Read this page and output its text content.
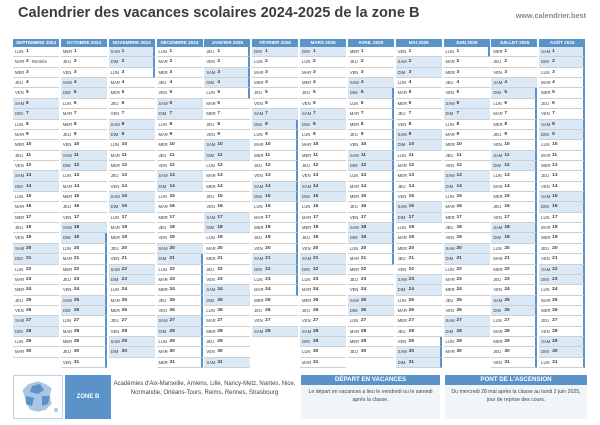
Calendrier des vacances scolaires 2024-2025 de la zone B	www.calendrier.best
SEPTEMBRE 2024
LUN 1
MAR 2 Rentrée
MER 3
JEU 4
VEN 5
SAM 6
DIM 7
LUN 8
MAR 9
MER 10
JEU 11
VEN 12
SAM 13
DIM 14
LUN 15
MAR 16
MER 17
JEU 18
VEN 19
SAM 20
DIM 21
LUN 22
MAR 23
MER 24
JEU 25
VEN 26
SAM 27
DIM 28
LUN 29
MAR 30
OCTOBRE 2024
MER 1
JEU 2
VEN 3
SAM 4
DIM 5
LUN 6
MAR 7
MER 8
JEU 9
VEN 10
SAM 11
DIM 12
LUN 13
MAR 14
MER 15
JEU 16
VEN 17
SAM 18
DIM 19
LUN 20
MAR 21
MER 22
JEU 23
VEN 24
SAM 25
DIM 26
LUN 27
MAR 28
MER 29
JEU 30
VEN 31
NOVEMBRE 2024
SAM 1
DIM 2
LUN 3
MAR 4
MER 5
JEU 6
VEN 7
SAM 8
DIM 9
LUN 10
MAR 11
MER 12
JEU 13
VEN 14
SAM 15
DIM 16
LUN 17
MAR 18
MER 19
JEU 20
VEN 21
SAM 22
DIM 23
LUN 24
MAR 25
MER 26
JEU 27
VEN 28
SAM 29
DIM 30
DÉCEMBRE 2024
LUN 1
MAR 2
MER 3
JEU 4
VEN 5
SAM 6
DIM 7
LUN 8
MAR 9
MER 10
JEU 11
VEN 12
SAM 13
DIM 14
LUN 15
MAR 16
MER 17
JEU 18
VEN 19
SAM 20
DIM 21
LUN 22
MAR 23
MER 24
JEU 25
VEN 26
SAM 27
DIM 28
LUN 29
MAR 30
MER 31
JANVIER 2025
JEU 1
VEN 2
SAM 3
DIM 4
LUN 5
MAR 6
MER 7
JEU 8
VEN 9
SAM 10
DIM 11
LUN 12
MAR 13
MER 14
JEU 15
VEN 16
SAM 17
DIM 18
LUN 19
MAR 20
MER 21
JEU 22
VEN 23
SAM 24
DIM 25
LUN 26
MAR 27
MER 28
JEU 29
VEN 30
SAM 31
FÉVRIER 2025
DIM 1
LUN 2
MAR 3
MER 4
JEU 5
VEN 6
SAM 7
DIM 8
LUN 9
MAR 10
MER 11
JEU 12
VEN 13
SAM 14
DIM 15
LUN 16
MAR 17
MER 18
JEU 19
VEN 20
SAM 21
DIM 22
LUN 23
MAR 24
MER 25
JEU 26
VEN 27
SAM 28
MARS 2025
DIM 1
LUN 2
MAR 3
MER 4
JEU 5
VEN 6
SAM 7
DIM 8
LUN 9
MAR 10
MER 11
JEU 12
VEN 13
SAM 14
DIM 15
LUN 16
MAR 17
MER 18
JEU 19
VEN 20
SAM 21
DIM 22
LUN 23
MAR 24
MER 25
JEU 26
VEN 27
SAM 28
DIM 29
LUN 30
MAR 31
AVRIL 2025
MER 1
JEU 2
VEN 3
SAM 4
DIM 5
LUN 6
MAR 7
MER 8
JEU 9
VEN 10
SAM 11
DIM 12
LUN 13
MAR 14
MER 15
JEU 16
VEN 17
SAM 18
DIM 19
LUN 20
MAR 21
MER 22
JEU 23
VEN 24
SAM 25
DIM 26
LUN 27
MAR 28
MER 29
JEU 30
MAI 2025
VEN 1
SAM 2
DIM 3
LUN 4
MAR 5
MER 6
JEU 7
VEN 8
SAM 9
DIM 10
LUN 11
MAR 12
MER 13
JEU 14
VEN 15
SAM 16
DIM 17
LUN 18
MAR 19
MER 20
JEU 21
VEN 22
SAM 23
DIM 24
LUN 25
MAR 26
MER 27
JEU 28
VEN 29
SAM 30
DIM 31
JUIN 2025
LUN 1
MAR 2
MER 3
JEU 4
VEN 5
SAM 6
DIM 7
LUN 8
MAR 9
MER 10
JEU 11
VEN 12
SAM 13
DIM 14
LUN 15
MAR 16
MER 17
JEU 18
VEN 19
SAM 20
DIM 21
LUN 22
MAR 23
MER 24
JEU 25
VEN 26
SAM 27
DIM 28
LUN 29
MAR 30
JUILLET 2025
MER 1
JEU 2
VEN 3
SAM 4
DIM 5
LUN 6
MAR 7
MER 8
JEU 9
VEN 10
SAM 11
DIM 12
LUN 13
MAR 14
MER 15
JEU 16
VEN 17
SAM 18
DIM 19
LUN 20
MAR 21
MER 22
JEU 23
VEN 24
SAM 25
DIM 26
LUN 27
MAR 28
MER 29
JEU 30
VEN 31
AOÛT 2025
SAM 1
DIM 2
LUN 3
MAR 4
MER 5
JEU 6
VEN 7
SAM 8
DIM 9
LUN 10
MAR 11
MER 12
JEU 13
VEN 14
SAM 15
DIM 16
LUN 17
MAR 18
MER 19
JEU 20
VEN 21
SAM 22
DIM 23
LUN 24
MAR 25
MER 26
JEU 27
VEN 28
SAM 29
DIM 30
LUN 31
ZONE B
Académies d'Aix-Marseille, Amiens, Lille, Nancy-Metz, Nantes, Nice, Normandie, Orléans-Tours, Reims, Rennes, Strasbourg
DÉPART EN VACANCES
Le départ en vacances a lieu le vendredi ou le samedi après la classe.
PONT DE L'ASCENSION
Du mercredi 28 mai après la classe au lundi 2 juin 2025, jour de reprise des cours.
